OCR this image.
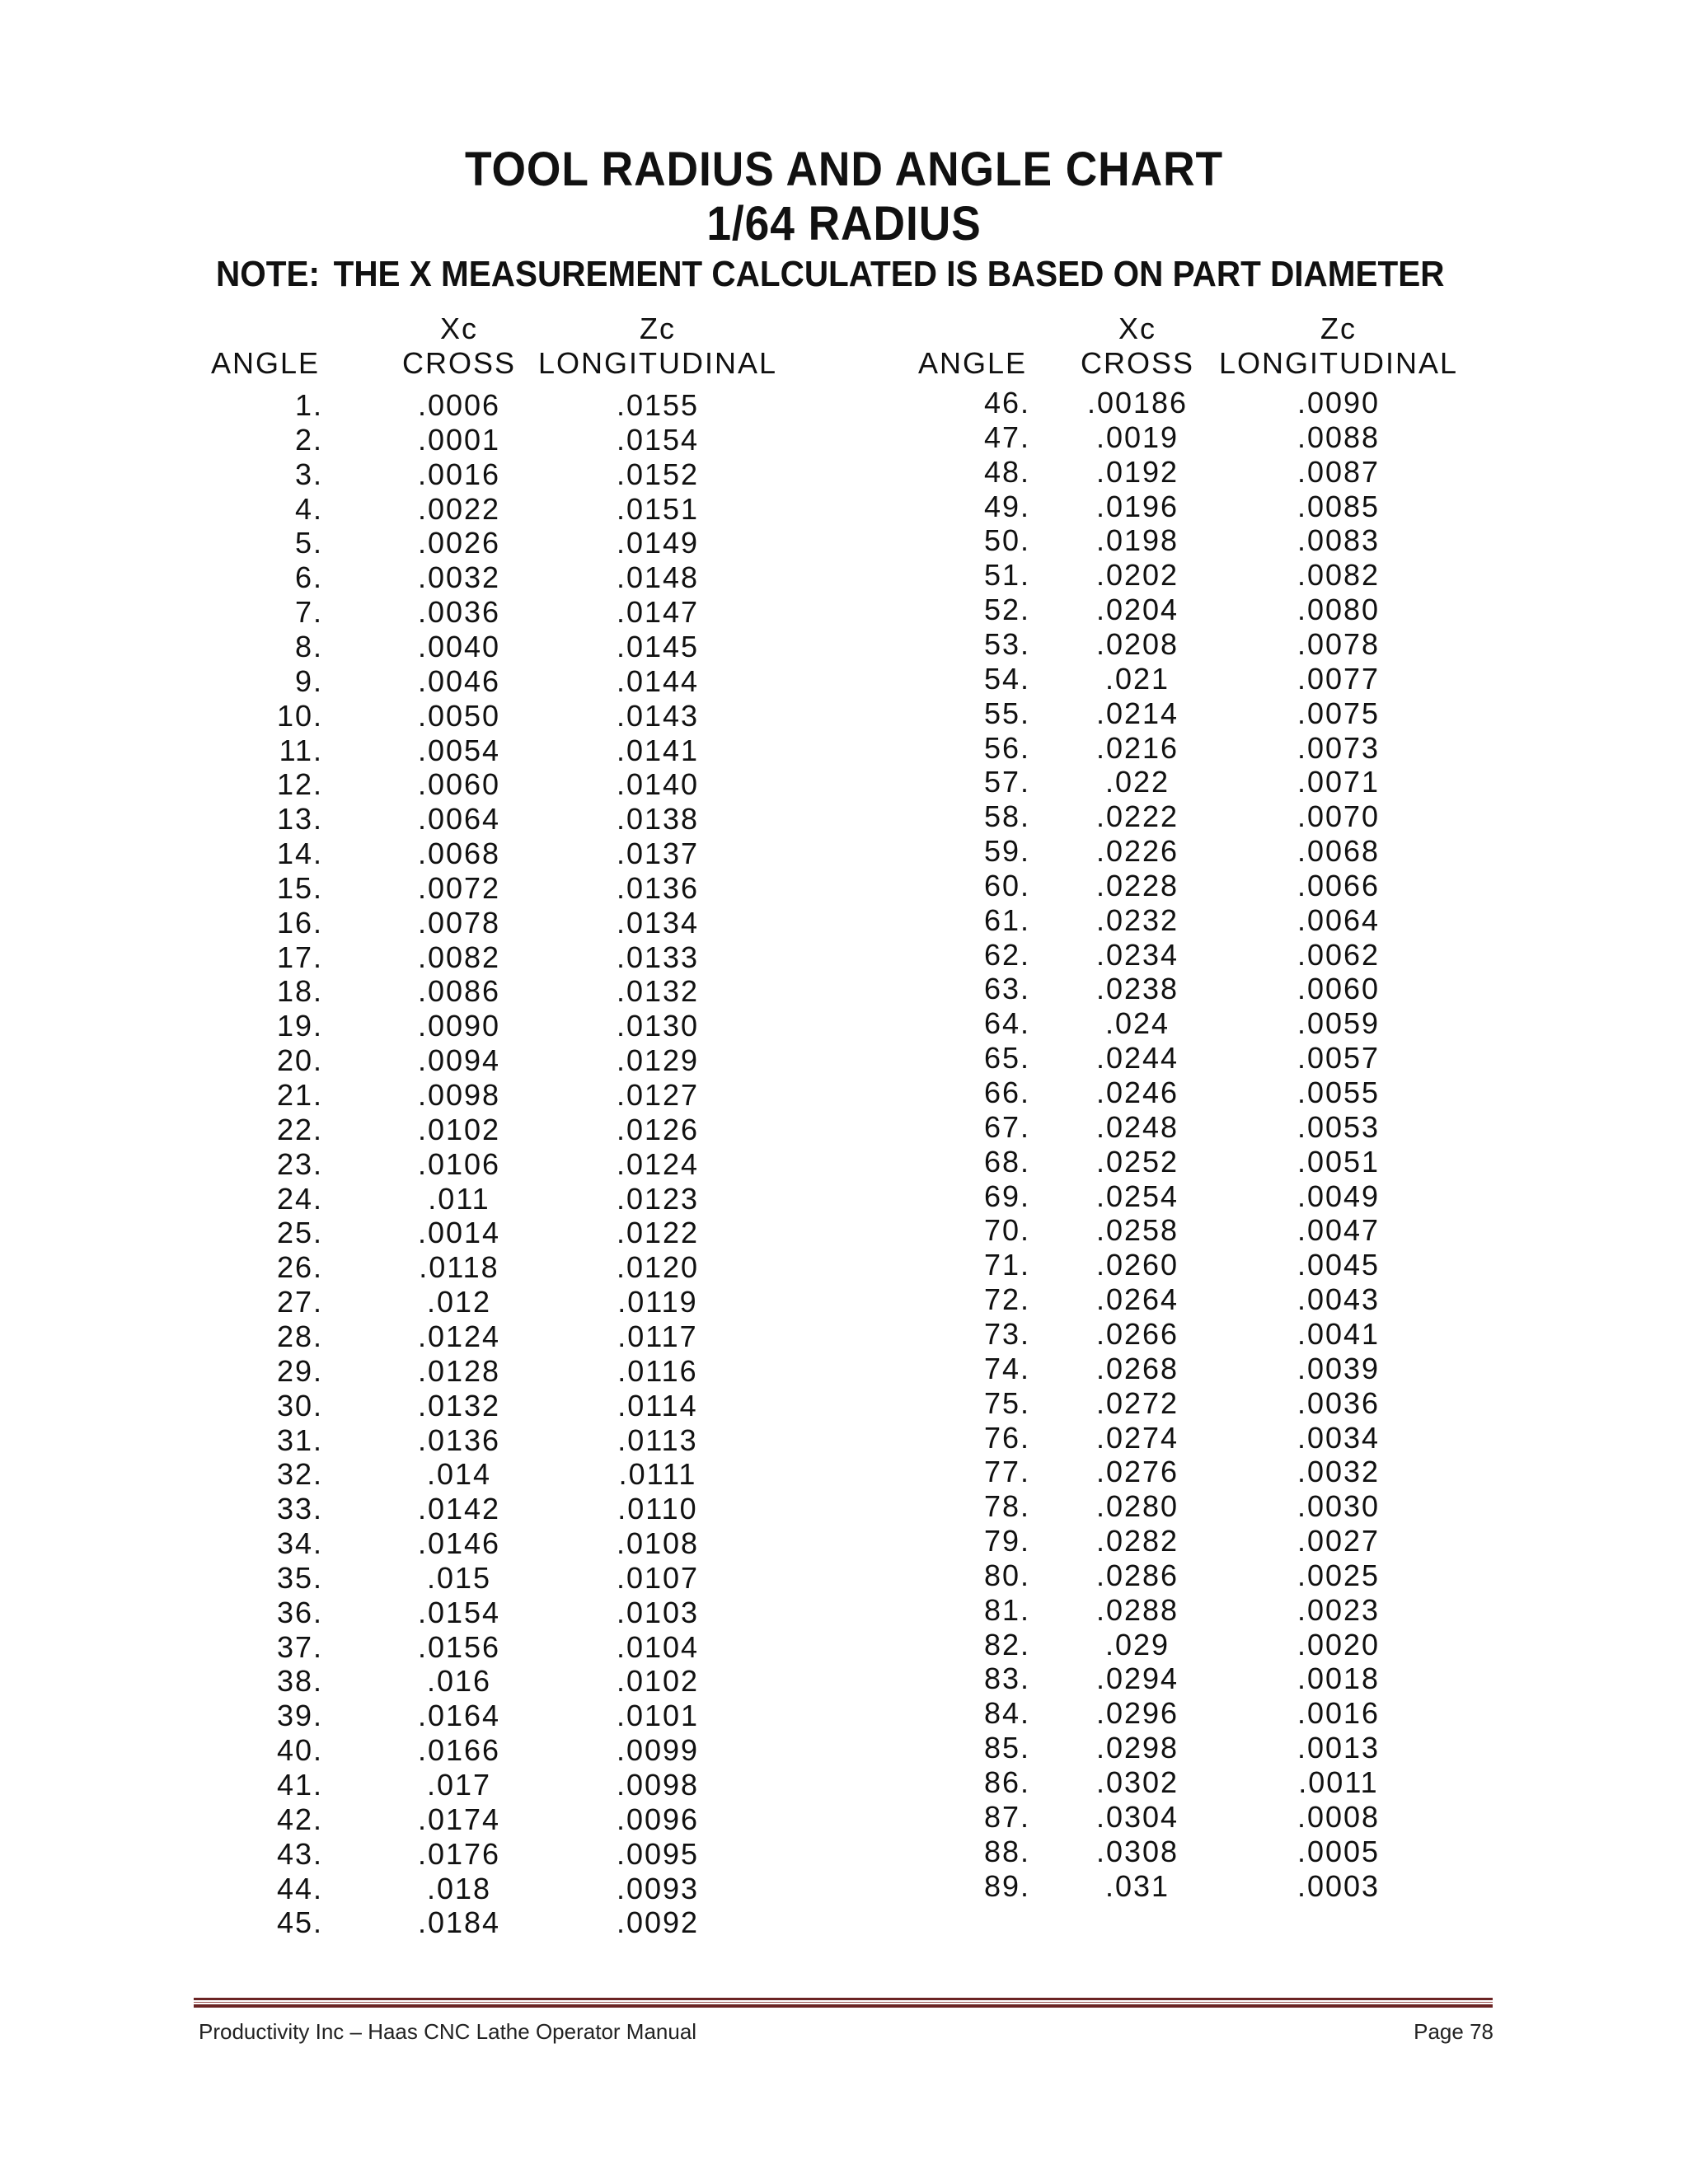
TOOL RADIUS AND ANGLE CHART
1/64 RADIUS
NOTE: THE X MEASUREMENT CALCULATED IS BASED ON PART DIAMETER
Xc	Zc
ANGLE	CROSS LONGITUDINAL
1.	.0006	.0155
2.	.0001	.0154
3.	.0016	.0152
4.	.0022	.0151
5.	.0026	.0149
6.	.0032	.0148
7.	.0036	.0147
8.	.0040	.0145
9.	.0046	.0144
10.	.0050	.0143
11.	.0054	.0141
12.	.0060	.0140
13.	.0064	.0138
14.	.0068	.0137
15.	.0072	.0136
16.	.0078	.0134
17.	.0082	.0133
18.	.0086	.0132
19.	.0090	.0130
20.	.0094	.0129
21.	.0098	.0127
22.	.0102	.0126
23.	.0106	.0124
24.	.011	.0123
25.	.0014	.0122
26.	.0118	.0120
27.	.012	.0119
28.	.0124	.0117
29.	.0128	.0116
30.	.0132	.0114
31.	.0136	.0113
32.	.014	.0111
33.	.0142	.0110
34.	.0146	.0108
35.	.015	.0107
36.	.0154	.0103
37.	.0156	.0104
38.	.016	.0102
39.	.0164	.0101
40.	.0166	.0099
41.	.017	.0098
42.	.0174	.0096
43.	.0176	.0095
44.	.018	.0093
45.	.0184	.0092
Xc	Zc
ANGLE	CROSS LONGITUDINAL
46.	.00186	.0090
47.	.0019	.0088
48.	.0192	.0087
49.	.0196	.0085
50.	.0198	.0083
51.	.0202	.0082
52.	.0204	.0080
53.	.0208	.0078
54.	.021	.0077
55.	.0214	.0075
56.	.0216	.0073
57.	.022	.0071
58.	.0222	.0070
59.	.0226	.0068
60.	.0228	.0066
61.	.0232	.0064
62.	.0234	.0062
63.	.0238	.0060
64.	.024	.0059
65.	.0244	.0057
66.	.0246	.0055
67.	.0248	.0053
68.	.0252	.0051
69.	.0254	.0049
70.	.0258	.0047
71.	.0260	.0045
72.	.0264	.0043
73.	.0266	.0041
74.	.0268	.0039
75.	.0272	.0036
76.	.0274	.0034
77.	.0276	.0032
78.	.0280	.0030
79.	.0282	.0027
80.	.0286	.0025
81.	.0288	.0023
82.	.029	.0020
83.	.0294	.0018
84.	.0296	.0016
85.	.0298	.0013
86.	.0302	.0011
87.	.0304	.0008
88.	.0308	.0005
89.	.031	.0003
Productivity Inc – Haas CNC Lathe Operator Manual	Page 78
